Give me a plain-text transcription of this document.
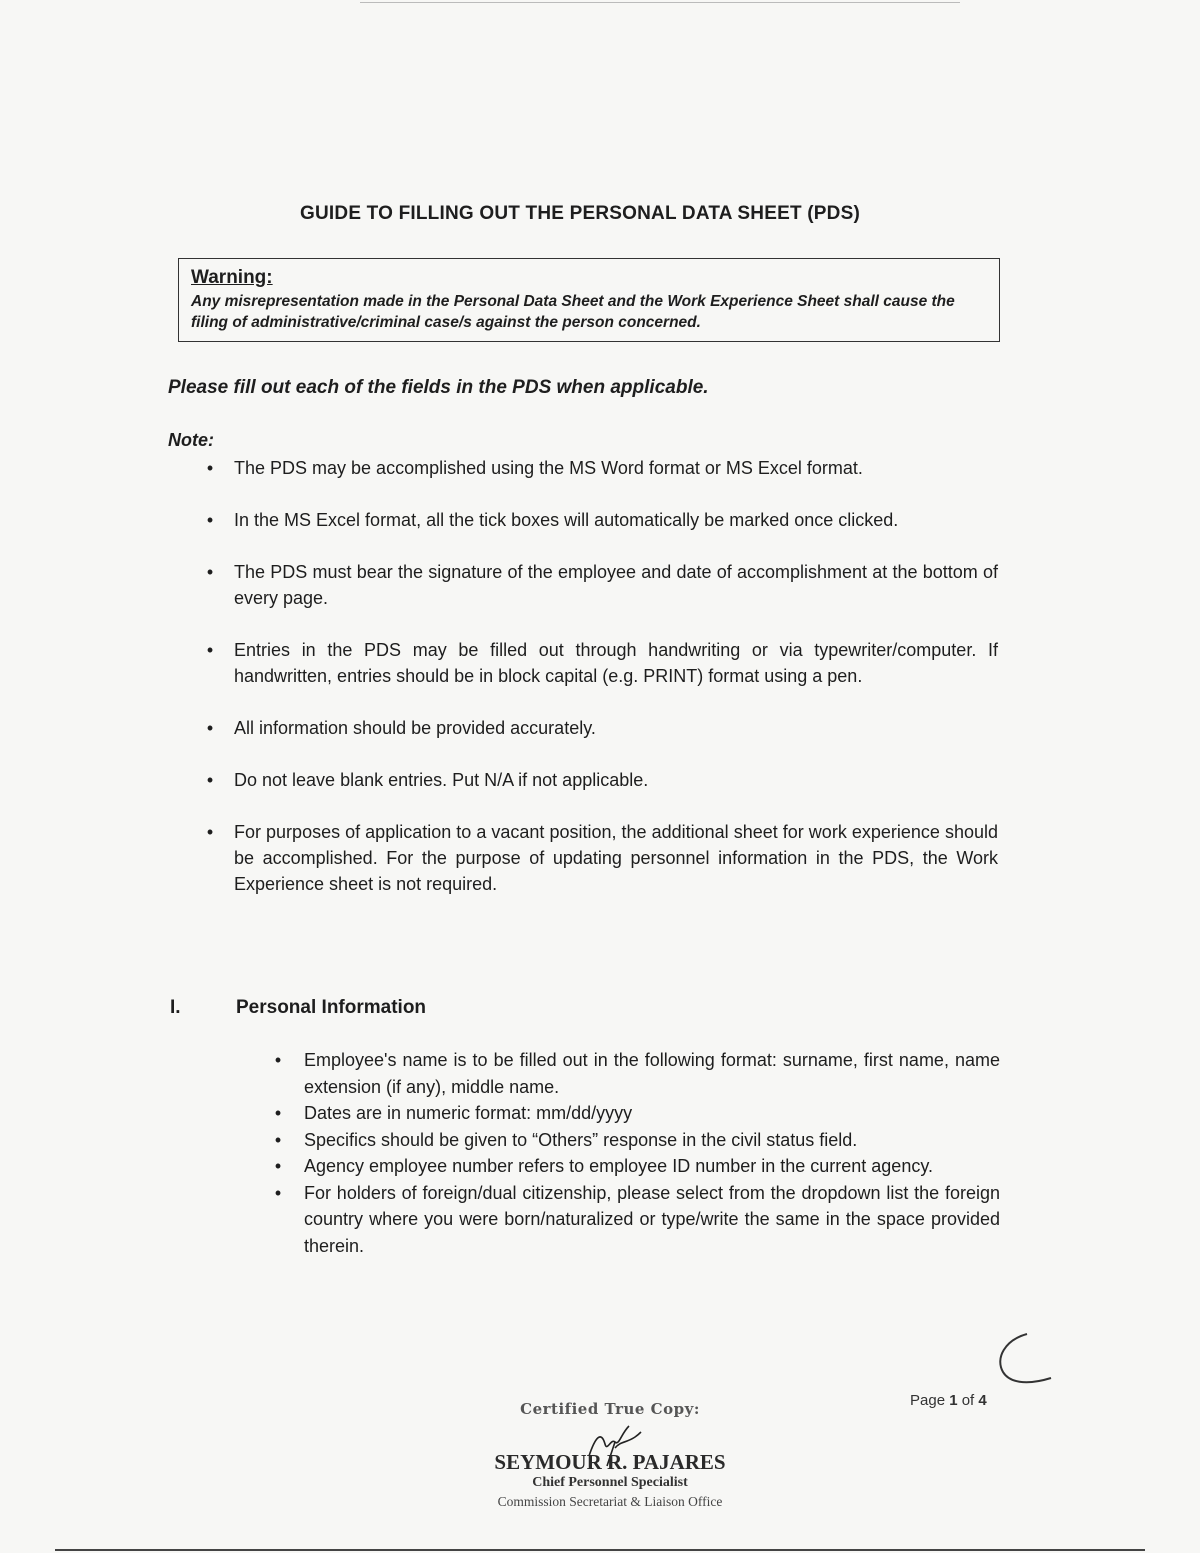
GUIDE TO FILLING OUT THE PERSONAL DATA SHEET (PDS)
Warning:
Any misrepresentation made in the Personal Data Sheet and the Work Experience Sheet shall cause the filing of administrative/criminal case/s against the person concerned.
Please fill out each of the fields in the PDS when applicable.
Note:
•	The PDS may be accomplished using the MS Word format or MS Excel format.
•	In the MS Excel format, all the tick boxes will automatically be marked once clicked.
•	The PDS must bear the signature of the employee and date of accomplishment at the bottom of every page.
•	Entries in the PDS may be filled out through handwriting or via typewriter/computer. If handwritten, entries should be in block capital (e.g. PRINT) format using a pen.
•	All information should be provided accurately.
•	Do not leave blank entries. Put N/A if not applicable.
•	For purposes of application to a vacant position, the additional sheet for work experience should be accomplished. For the purpose of updating personnel information in the PDS, the Work Experience sheet is not required.
I.	Personal Information
•	Employee's name is to be filled out in the following format: surname, first name, name extension (if any), middle name.
•	Dates are in numeric format: mm/dd/yyyy
•	Specifics should be given to “Others” response in the civil status field.
•	Agency employee number refers to employee ID number in the current agency.
•	For holders of foreign/dual citizenship, please select from the dropdown list the foreign country where you were born/naturalized or type/write the same in the space provided therein.
Page 1 of 4
Certified True Copy:
SEYMOUR R. PAJARES
Chief Personnel Specialist
Commission Secretariat & Liaison Office
